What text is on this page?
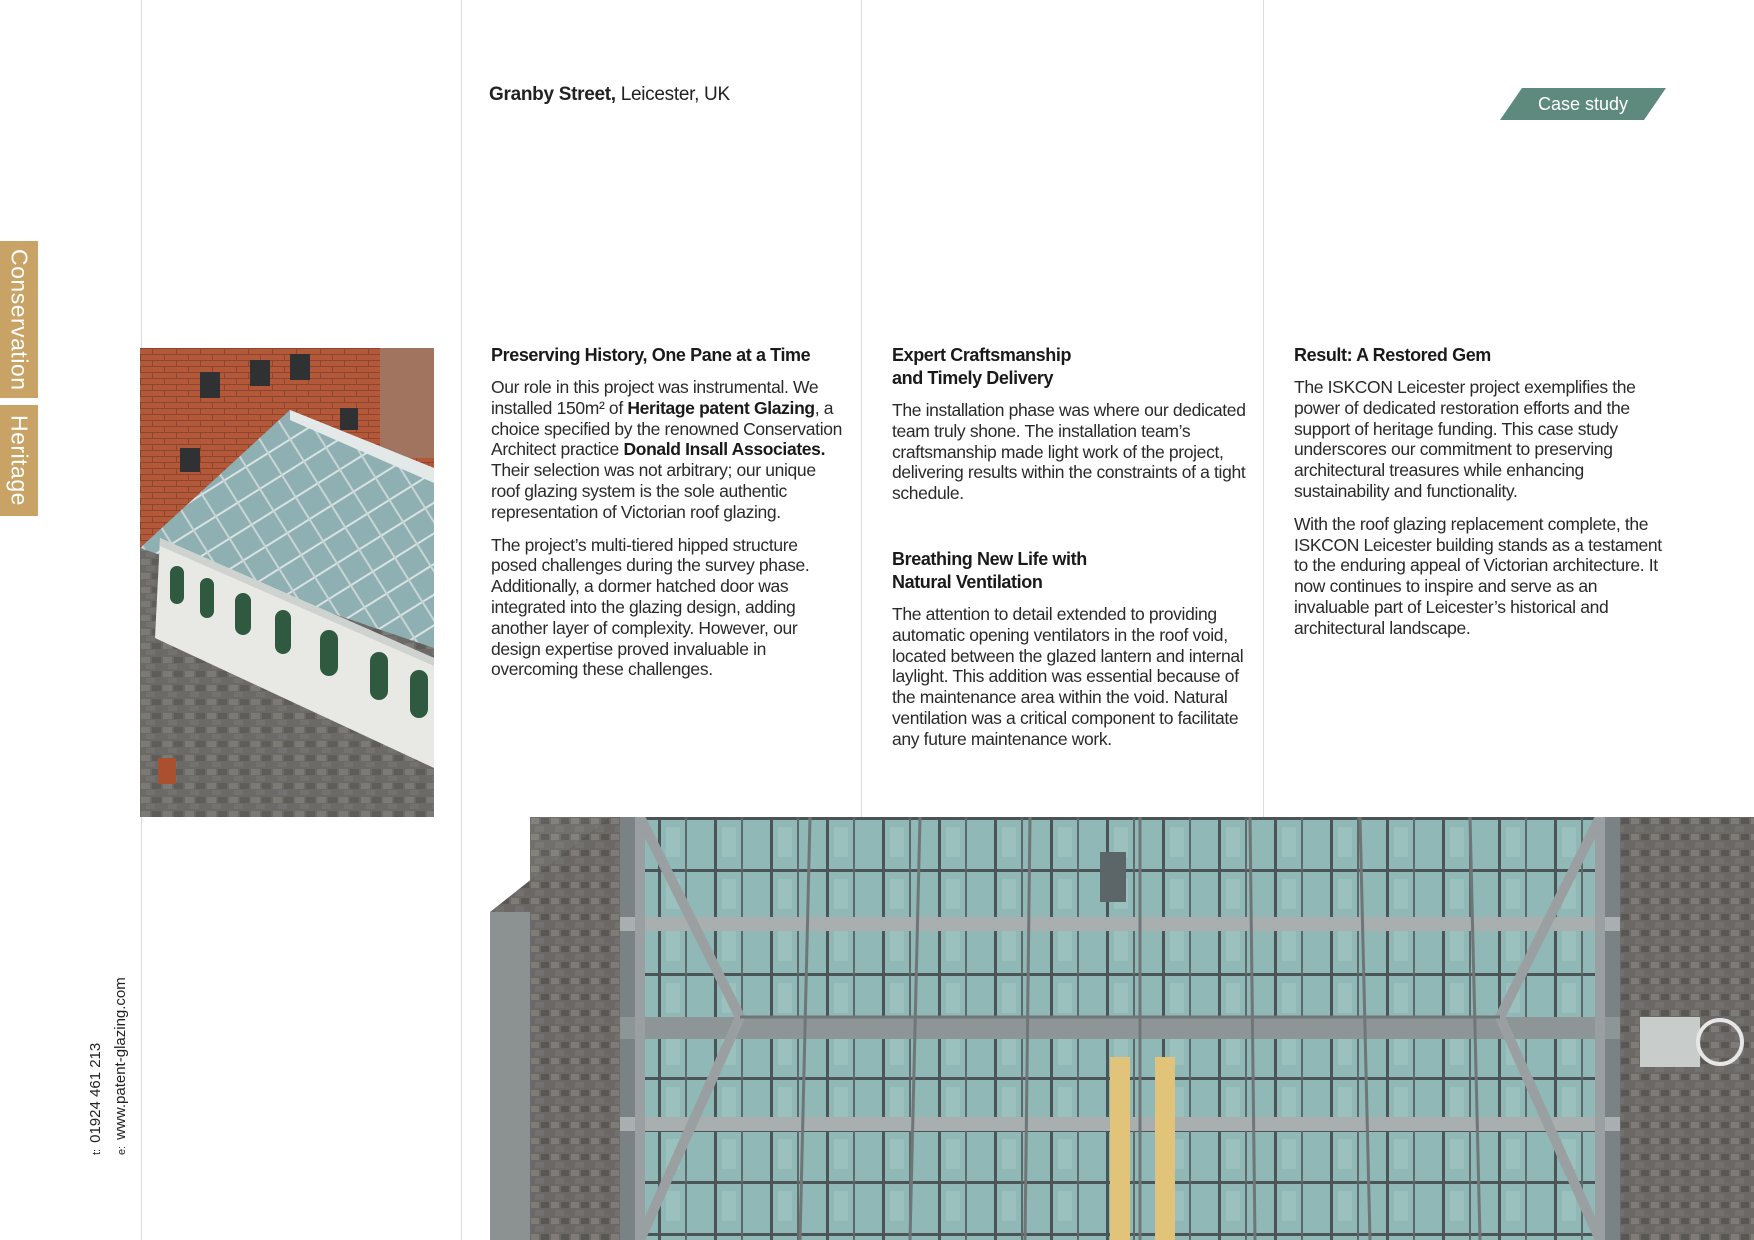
Conservation
Heritage
t:01924 461 213
e:www.patent-glazing.com
Granby Street, Leicester, UK	Case study
Preserving History, One Pane at a Time

Our role in this project was instrumental. We installed 150m² of Heritage patent Glazing, a choice specified by the renowned Conservation Architect practice Donald Insall Associates. Their selection was not arbitrary; our unique roof glazing system is the sole authentic representation of Victorian roof glazing.

The project’s multi-tiered hipped structure posed challenges during the survey phase. Additionally, a dormer hatched door was integrated into the glazing design, adding another layer of complexity. However, our design expertise proved invaluable in overcoming these challenges.

Expert Craftsmanship
and Timely Delivery

The installation phase was where our dedicated team truly shone. The installation team’s craftsmanship made light work of the project, delivering results within the constraints of a tight schedule.

Breathing New Life with
Natural Ventilation

The attention to detail extended to providing automatic opening ventilators in the roof void, located between the glazed lantern and internal laylight. This addition was essential because of the maintenance area within the void. Natural ventilation was a critical component to facilitate any future maintenance work.

Result: A Restored Gem

The ISKCON Leicester project exemplifies the power of dedicated restoration efforts and the support of heritage funding. This case study underscores our commitment to preserving architectural treasures while enhancing sustainability and functionality.

With the roof glazing replacement complete, the ISKCON Leicester building stands as a testament to the enduring appeal of Victorian architecture. It now continues to inspire and serve as an invaluable part of Leicester’s historical and architectural landscape.
